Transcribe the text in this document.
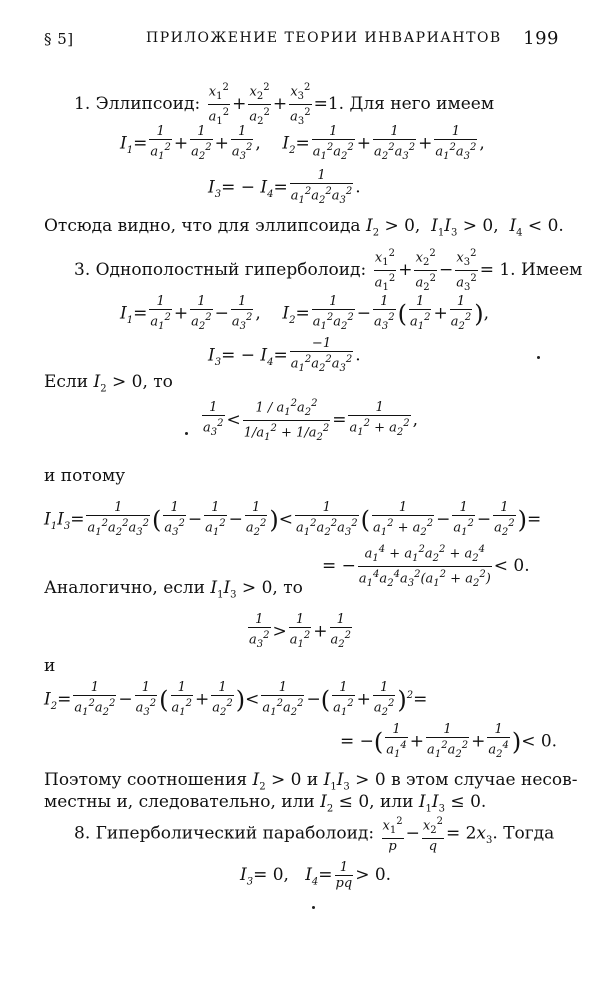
§ 5]	ПРИЛОЖЕНИЕ ТЕОРИИ ИНВАРИАНТОВ 199
1. Эллипсоид: $\frac{x_1^2}{a_1^2} + \frac{x_2^2}{a_2^2} + \frac{x_3^2}{a_3^2} =1$. Для него имеем
$I_1= \frac{1}{a_1^2} + \frac{1}{a_2^2} + \frac{1}{a_3^2}$ ,    $I_2= \frac{1}{a_1^2a_2^2} + \frac{1}{a_2^2a_3^2} + \frac{1}{a_1^2a_3^2}$ ,
$I_3= - I_4= \frac{1}{a_1^2a_2^2a_3^2}$ .
Отсюда видно, что для эллипсоида $I_2 > 0$,  $I_1I_3 > 0$,  $I_4 < 0$.
3. Однополостный гиперболоид: $\frac{x_1^2}{a_1^2} + \frac{x_2^2}{a_2^2} - \frac{x_3^2}{a_3^2} = 1$. Имеем
$I_1= \frac{1}{a_1^2} + \frac{1}{a_2^2} - \frac{1}{a_3^2}$ ,    $I_2= \frac{1}{a_1^2a_2^2} - \frac{1}{a_3^2}$ ( $\frac{1}{a_1^2} + \frac{1}{a_2^2}$ ),
$I_3= - I_4= \frac{-1}{a_1^2a_2^2a_3^2}$ .
Если $I_2 > 0$, то
$\frac{1}{a_3^2} < \frac{1 / a_1^2a_2^2}{1/a_1^2 + 1/a_2^2} = \frac{1}{a_1^2 + a_2^2}$ ,
и потому
$I_1I_3= \frac{1}{a_1^2a_2^2a_3^2}$ ( $\frac{1}{a_3^2} - \frac{1}{a_1^2} - \frac{1}{a_2^2}$ )< $\frac{1}{a_1^2a_2^2a_3^2}$ ( $\frac{1}{a_1^2 + a_2^2} - \frac{1}{a_1^2} - \frac{1}{a_2^2}$ )=
= − $\frac{a_1^4 + a_1^2a_2^2 + a_2^4}{a_1^4a_2^4a_3^2(a_1^2 + a_2^2)} < 0$.
Аналогично, если $I_1I_3 > 0$, то
$\frac{1}{a_3^2} > \frac{1}{a_1^2} + \frac{1}{a_2^2}$
и
$I_2= \frac{1}{a_1^2a_2^2} - \frac{1}{a_3^2}$ ( $\frac{1}{a_1^2} + \frac{1}{a_2^2}$ )< $\frac{1}{a_1^2a_2^2}$ −( $\frac{1}{a_1^2} + \frac{1}{a_2^2} )^2=$
= −( $\frac{1}{a_1^4} + \frac{1}{a_1^2a_2^2} + \frac{1}{a_2^4}$ )< 0.
Поэтому соотношения $I_2 > 0$ и $I_1I_3 > 0$ в этом случае несов-
местны и, следовательно, или $I_2 \le 0$, или $I_1I_3 \le 0$.
8. Гиперболический параболоид: $\frac{x_1^2}{p} - \frac{x_2^2}{q} = 2x_3$. Тогда
$I_3= 0$,   $I_4= \frac{1}{pq} > 0$.
